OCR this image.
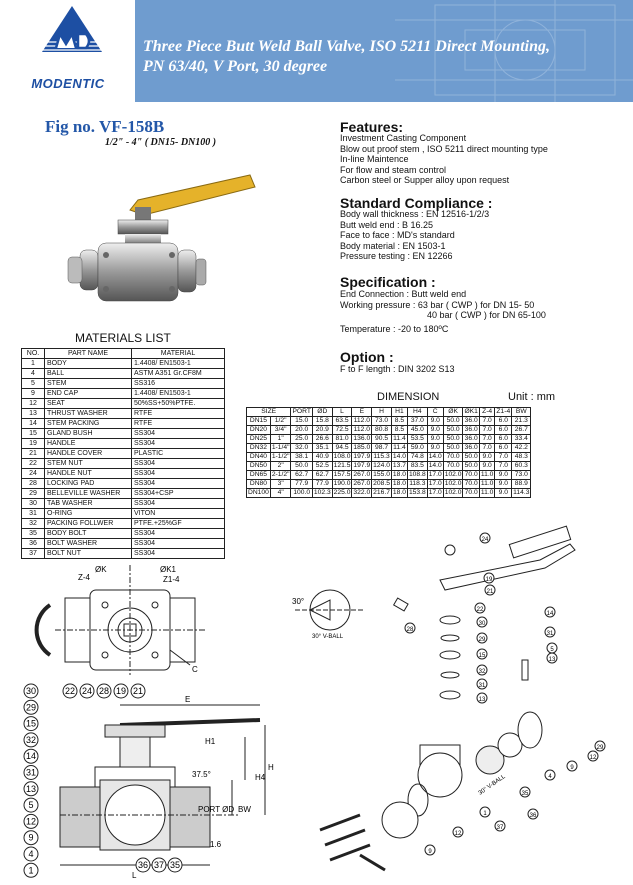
MODENTIC
Three Piece Butt Weld Ball Valve, ISO 5211 Direct Mounting,
PN 63/40, V Port, 30 degree
Fig no. VF-158B
1/2" - 4" ( DN15- DN100 )
Features:
Investment Casting Component
Blow out proof stem , ISO 5211 direct mounting type
In-line Maintence
For flow and steam control
Carbon steel or Supper alloy upon request
Standard Compliance :
Body wall thickness : EN 12516-1/2/3
Butt weld end : B 16.25
Face to face : MD's standard
Body material : EN 1503-1
Pressure testing : EN 12266
Specification :
End Connection : Butt weld end
Working pressure : 63 bar ( CWP ) for DN 15- 50
40 bar ( CWP ) for DN 65-100
Temperature : -20 to 180ºC
Option :
F to F length : DIN 3202 S13
MATERIALS LIST
NO.	PART NAME	MATERIAL
1	BODY	1.4408/ EN1503-1
4	BALL	ASTM A351 Gr.CF8M
5	STEM	SS316
9	END CAP	1.4408/ EN1503-1
12	SEAT	50%SS+50%PTFE.
13	THRUST WASHER	RTFE
14	STEM PACKING	RTFE
15	GLAND BUSH	SS304
19	HANDLE	SS304
21	HANDLE COVER	PLASTIC
22	STEM NUT	SS304
24	HANDLE NUT	SS304
28	LOCKING PAD	SS304
29	BELLEVILLE WASHER	SS304+CSP
30	TAB WASHER	SS304
31	O-RING	VITON
32	PACKING FOLLWER	PTFE.+25%GF
35	BODY BOLT	SS304
36	BOLT WASHER	SS304
37	BOLT NUT	SS304
DIMENSION	Unit : mm
SIZE		PORT	ØD	L	E	H	H1	H4	C	ØK	ØK1	Z-4	Z1-4	BW
DN15	1/2"	15.0	15.8	63.5	112.0	73.0	8.5	37.0	9.0	50.0	36.0	7.0	6.0	21.3
DN20	3/4"	20.0	20.9	72.5	112.0	80.8	8.5	45.0	9.0	50.0	36.0	7.0	6.0	26.7
DN25	1"	25.0	26.6	81.0	136.0	90.5	11.4	53.5	9.0	50.0	36.0	7.0	6.0	33.4
DN32	1-1/4"	32.0	35.1	94.5	185.0	98.7	11.4	59.0	9.0	50.0	36.0	7.0	6.0	42.2
DN40	1-1/2"	38.1	40.9	108.0	197.9	115.3	14.0	74.8	14.0	70.0	50.0	9.0	7.0	48.3
DN50	2"	50.0	52.5	121.5	197.9	124.0	13.7	83.5	14.0	70.0	50.0	9.0	7.0	60.3
DN65	2-1/2"	62.7	62.7	157.5	267.0	155.0	18.0	108.8	17.0	102.0	70.0	11.0	9.0	73.0
DN80	3"	77.9	77.9	190.0	267.0	208.5	18.0	118.3	17.0	102.0	70.0	11.0	9.0	88.9
DN100	4"	100.0	102.3	225.0	322.0	216.7	18.0	153.8	17.0	102.0	70.0	11.0	9.0	114.3
ØK	ØK1
Z-4	Z1-4
C
30°
30° V-BALL
E
H1
H
H4
37.5°
PORT ØD BW
1.6
L
30
29
15
32
14
31
13
5
12
9
4
1
22 24 28 19 21
36 37 35
24
21
19
22
28
30
29
15
32
31
13
14
5
31
13
29
12
4
9
35
36
37
1
12
9
30° V-BALL
